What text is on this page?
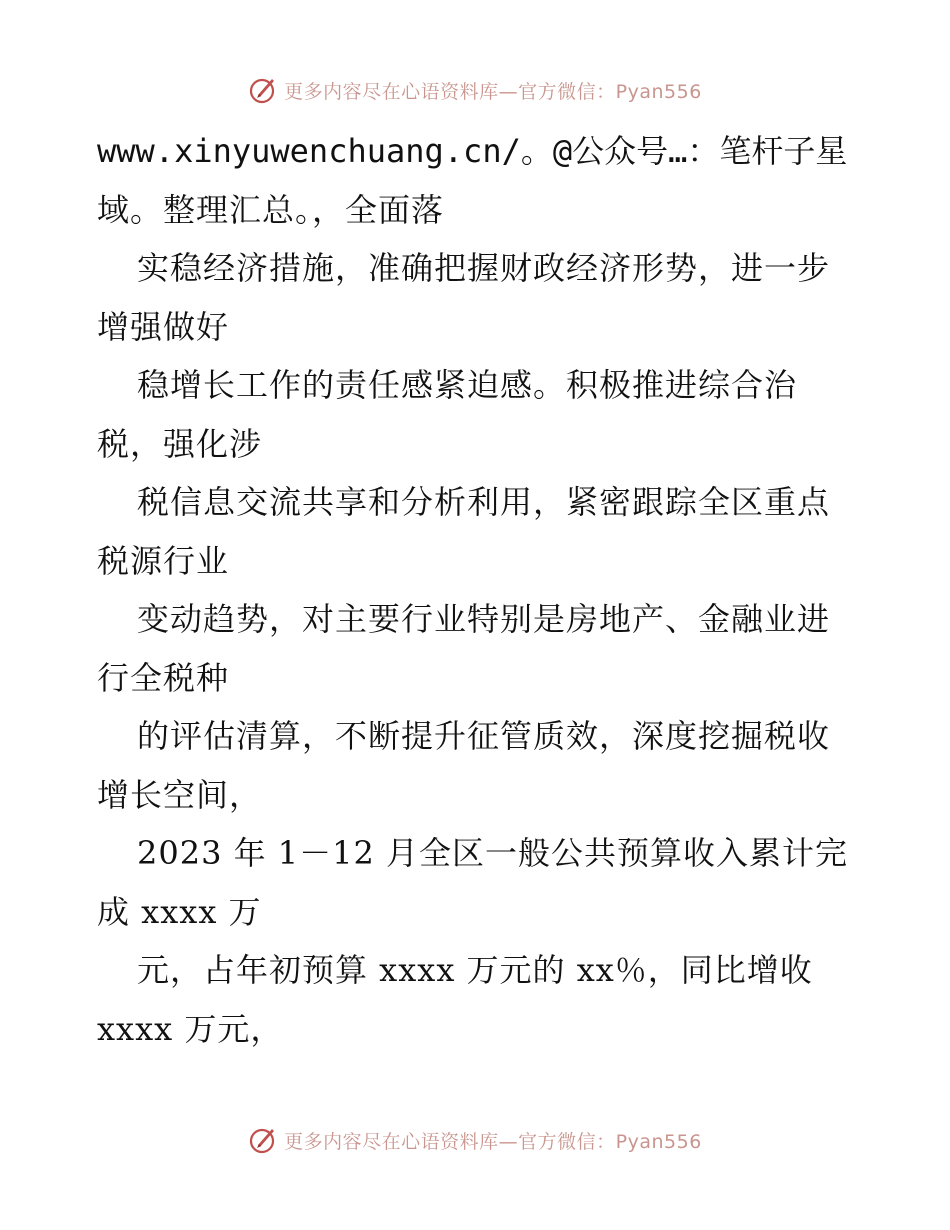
更多内容尽在心语资料库—官方微信：Pyan556
www.xinyuwenchuang.cn/。@公众号…：笔杆子星
域。整理汇总。，全面落
实稳经济措施，准确把握财政经济形势，进一步
增强做好
稳增长工作的责任感紧迫感。积极推进综合治
税，强化涉
税信息交流共享和分析利用，紧密跟踪全区重点
税源行业
变动趋势，对主要行业特别是房地产、金融业进
行全税种
的评估清算，不断提升征管质效，深度挖掘税收
增长空间，
2023 年 1－12 月全区一般公共预算收入累计完
成 xxxx 万
元，占年初预算 xxxx 万元的 xx％，同比增收
xxxx 万元，
更多内容尽在心语资料库—官方微信：Pyan556
